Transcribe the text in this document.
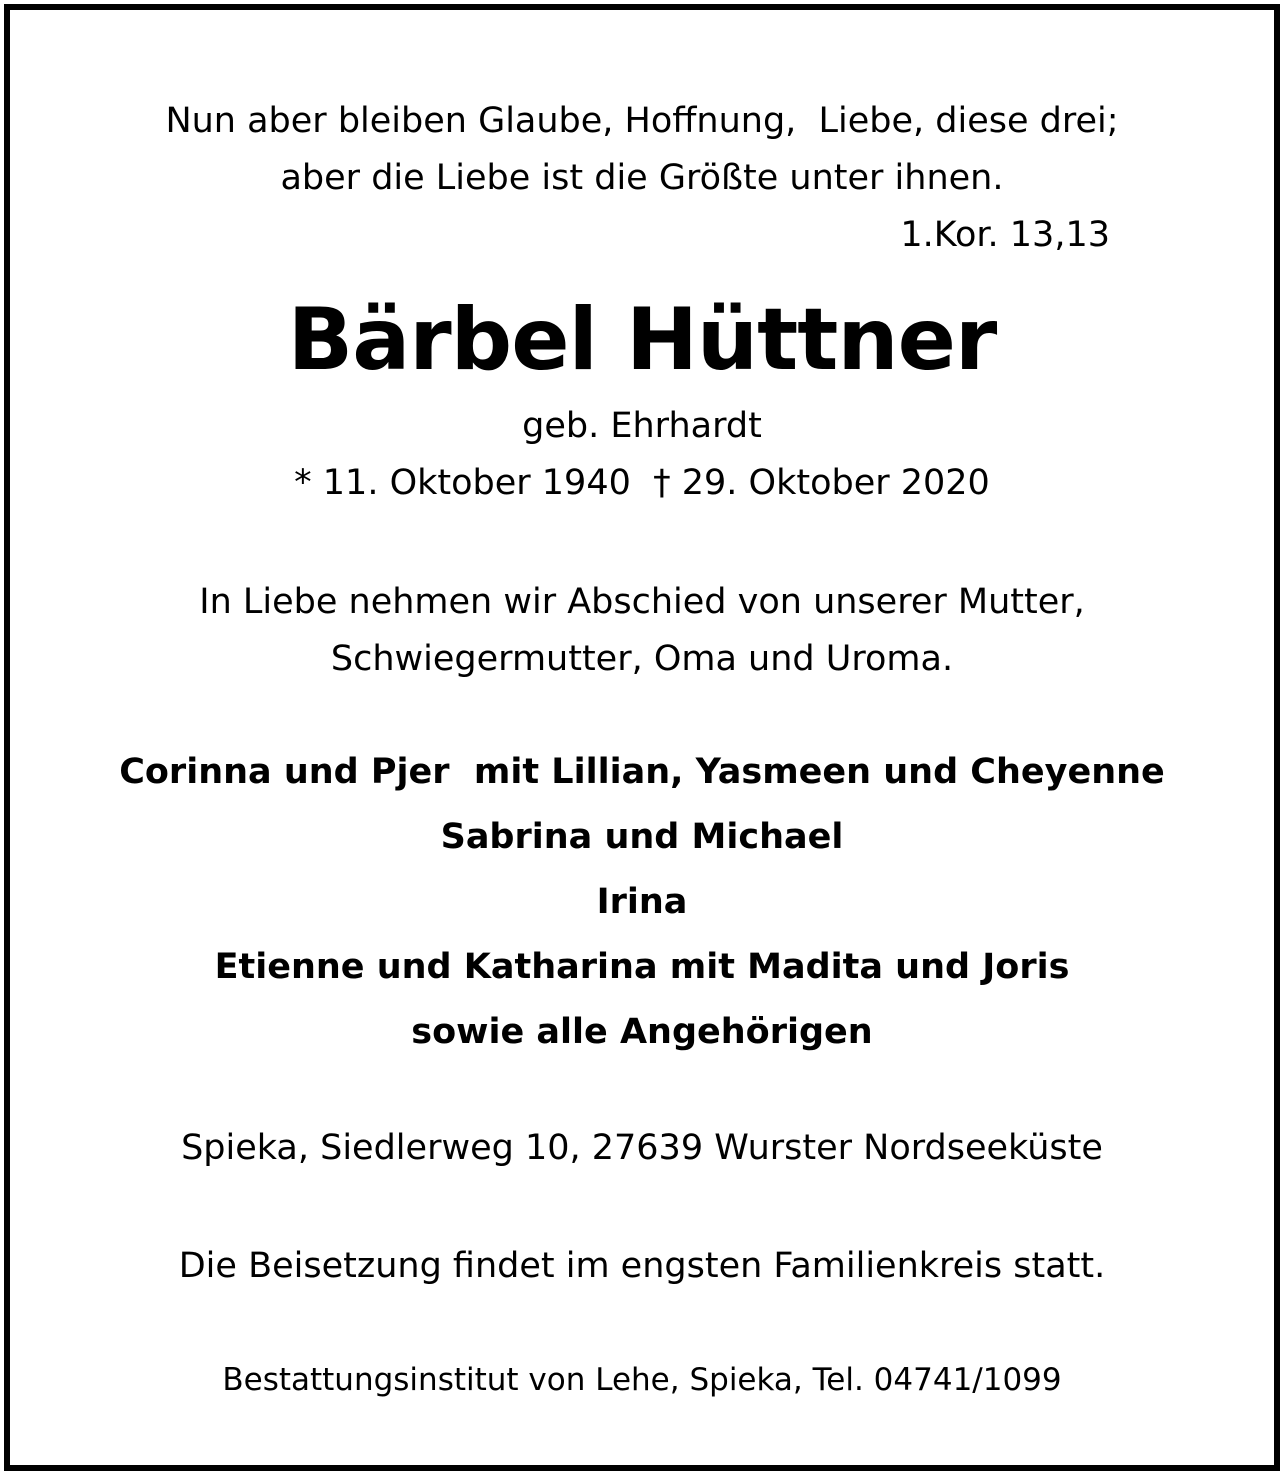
Nun aber bleiben Glaube, Hoffnung,  Liebe, diese drei;
aber die Liebe ist die Größte unter ihnen.
1.Kor. 13,13
Bärbel Hüttner
geb. Ehrhardt
* 11. Oktober 1940  † 29. Oktober 2020
In Liebe nehmen wir Abschied von unserer Mutter,
Schwiegermutter, Oma und Uroma.
Corinna und Pjer  mit Lillian, Yasmeen und Cheyenne
Sabrina und Michael
Irina
Etienne und Katharina mit Madita und Joris
sowie alle Angehörigen
Spieka, Siedlerweg 10, 27639 Wurster Nordseeküste
Die Beisetzung findet im engsten Familienkreis statt.
Bestattungsinstitut von Lehe, Spieka, Tel. 04741/1099
